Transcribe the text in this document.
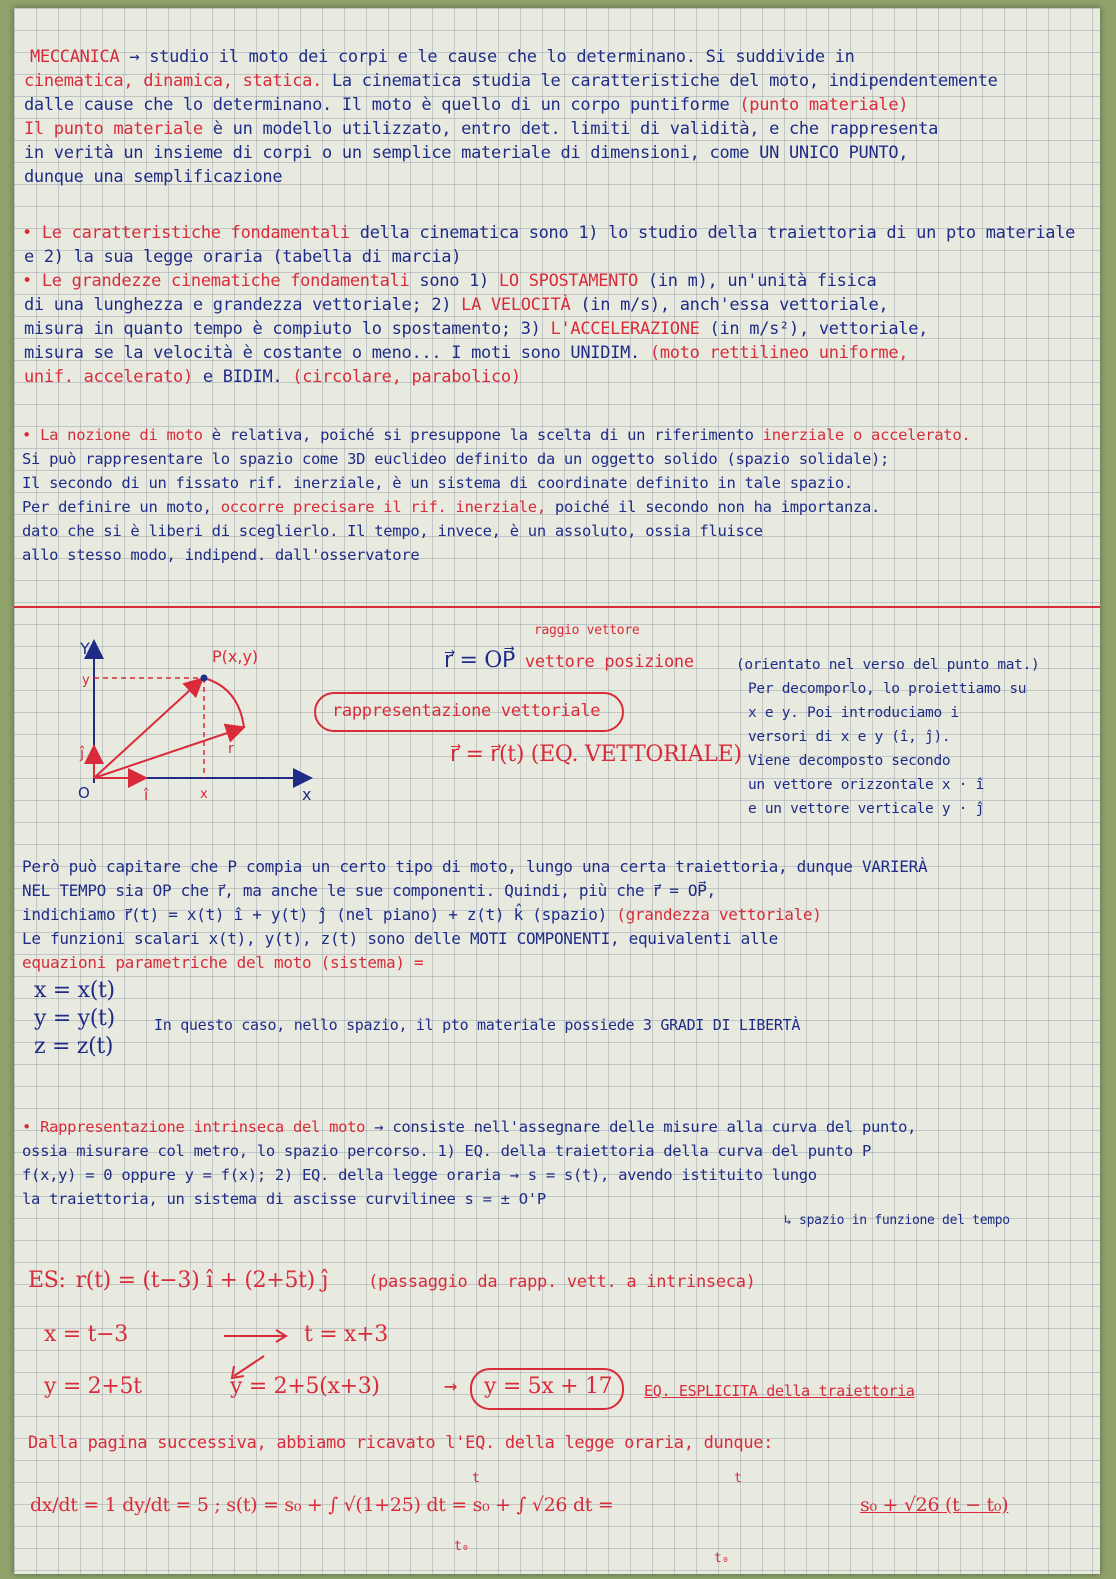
MECCANICA → studio il moto dei corpi e le cause che lo determinano. Si suddivide in
cinematica, dinamica, statica. La cinematica studia le caratteristiche del moto, indipendentemente
dalle cause che lo determinano. Il moto è quello di un corpo puntiforme (punto materiale)
Il punto materiale è un modello utilizzato, entro det. limiti di validità, e che rappresenta
in verità un insieme di corpi o un semplice materiale di dimensioni, come UN UNICO PUNTO,
dunque una semplificazione
• Le caratteristiche fondamentali della cinematica sono 1) lo studio della traiettoria di un pto materiale
e 2) la sua legge oraria (tabella di marcia)
• Le grandezze cinematiche fondamentali sono 1) LO SPOSTAMENTO (in m), un'unità fisica
di una lunghezza e grandezza vettoriale; 2) LA VELOCITÀ (in m/s), anch'essa vettoriale,
misura in quanto tempo è compiuto lo spostamento; 3) L'ACCELERAZIONE (in m/s²), vettoriale,
misura se la velocità è costante o meno... I moti sono UNIDIM. (moto rettilineo uniforme,
unif. accelerato) e BIDIM. (circolare, parabolico)
• La nozione di moto è relativa, poiché si presuppone la scelta di un riferimento inerziale o accelerato.
Si può rappresentare lo spazio come 3D euclideo definito da un oggetto solido (spazio solidale);
Il secondo di un fissato rif. inerziale, è un sistema di coordinate definito in tale spazio.
Per definire un moto, occorre precisare il rif. inerziale, poiché il secondo non ha importanza.
dato che si è liberi di sceglierlo. Il tempo, invece, è un assoluto, ossia fluisce
allo stesso modo, indipend. dall'osservatore
Y
x
O
P(x,y)
y
x
î
ĵ	r
raggio vettore
r⃗ = OP⃗ vettore posizione
rappresentazione vettoriale
r⃗ = r⃗(t) (EQ. VETTORIALE)
(orientato nel verso del punto mat.)
Per decomporlo, lo proiettiamo su
x e y. Poi introduciamo i
versori di x e y (î, ĵ).
Viene decomposto secondo
un vettore orizzontale x · î
e un vettore verticale y · ĵ
Però può capitare che P compia un certo tipo di moto, lungo una certa traiettoria, dunque VARIERÀ
NEL TEMPO sia OP che r⃗, ma anche le sue componenti. Quindi, più che r⃗ = OP⃗,
indichiamo r⃗(t) = x(t) î + y(t) ĵ (nel piano) + z(t) k̂ (spazio) (grandezza vettoriale)
Le funzioni scalari x(t), y(t), z(t) sono delle MOTI COMPONENTI, equivalenti alle
equazioni parametriche del moto (sistema) =
x = x(t)
y = y(t)
z = z(t)
In questo caso, nello spazio, il pto materiale possiede 3 GRADI DI LIBERTÀ
• Rappresentazione intrinseca del moto → consiste nell'assegnare delle misure alla curva del punto,
ossia misurare col metro, lo spazio percorso. 1) EQ. della traiettoria della curva del punto P
f(x,y) = 0 oppure y = f(x); 2) EQ. della legge oraria → s = s(t), avendo istituito lungo
la traiettoria, un sistema di ascisse curvilinee s = ± O'P
↳ spazio in funzione del tempo
ES: r(t) = (t−3) î + (2+5t) ĵ (passaggio da rapp. vett. a intrinseca)
x = t−3
y = 2+5t
t = x+3
y = 2+5(x+3)	→ y = 5x + 17 EQ. ESPLICITA della traiettoria
Dalla pagina successiva, abbiamo ricavato l'EQ. della legge oraria, dunque:
dx/dt = 1 dy/dt = 5 ; s(t) = s₀ + ∫ √(1+25) dt = s₀ + ∫ √26 dt =	s₀ + √26 (t − t₀)
t₀
t
t₀
t
